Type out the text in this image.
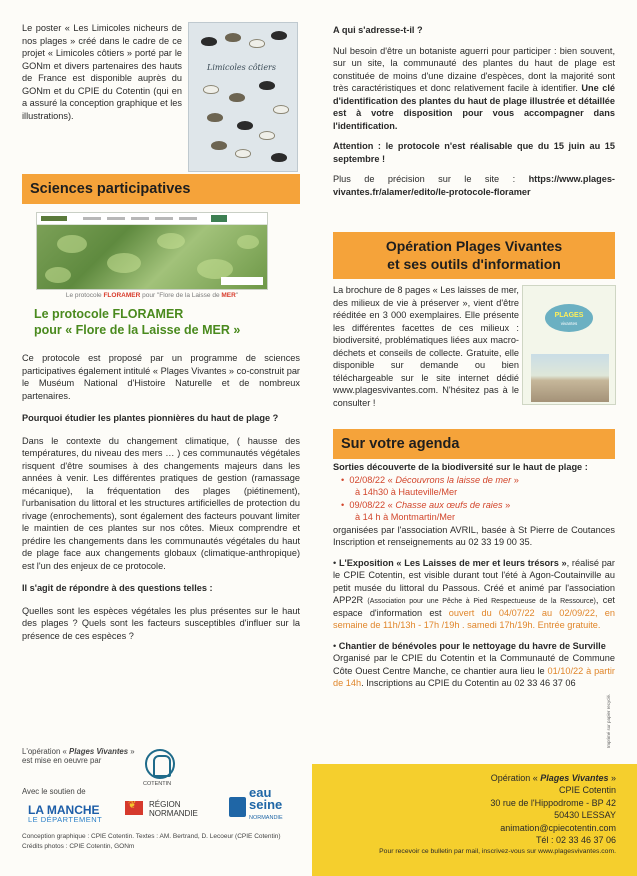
Le poster « Les Limicoles nicheurs de nos plages » créé dans le cadre de ce projet « Limicoles côtiers » porté par le GONm et divers partenaires des hauts de France est disponible auprès du GONm et du CPIE du Cotentin (qui en a assuré la conception graphique et les illustrations).

Limicoles côtiers
Sciences participatives
Le protocole FLORAMER pour "Flore de la Laisse de MER"

Le protocole FLORAMER

pour « Flore de la Laisse de MER »

Ce protocole est proposé par un programme de sciences participatives également intitulé « Plages Vivantes » co-construit par le Muséum National d'Histoire Naturelle et de nombreux partenaires.

Pourquoi étudier les plantes pionnières du haut de plage ?

Dans le contexte du changement climatique, ( hausse des températures, du niveau des mers … ) ces communautés végétales risquent d'être soumises à des changements majeurs dans les années à venir. Les différentes pratiques de gestion (ramassage mécanique), la fréquentation des plages (piétinement), l'urbanisation du littoral et les structures artificielles de protection du rivage (enrochements), sont également des facteurs pouvant limiter le maintien de ces plantes sur nos côtes. Mieux comprendre et prédire les changements dans les communautés végétales du haut de plage face aux changements globaux (climatique-anthropique) est l'un des enjeux de ce protocole.

Il s'agit de répondre à des questions telles :

Quelles sont les espèces végétales les plus présentes sur le haut des plages ? Quels sont les facteurs susceptibles d'influer sur la présence de ces espèces ?

A qui s'adresse-t-il ?

Nul besoin d'être un botaniste aguerri pour participer : bien souvent, sur un site, la communauté des plantes du haut de plage est constituée de moins d'une dizaine d'espèces, dont la majorité sont très caractéristiques et donc relativement facile à identifier. Une clé d'identification des plantes du haut de plage illustrée et détaillée est à votre disposition pour vous accompagner dans l'identification.

Attention : le protocole n'est réalisable que du 15 juin au 15 septembre !

Plus de précision sur le site : https://www.plages-vivantes.fr/alamer/edito/le-protocole-floramer

Opération Plages Vivantes
et ses outils d'information

La brochure de 8 pages « Les laisses de mer, des milieux de vie à préserver », vient d'être rééditée en 3 000 exemplaires. Elle présente les différentes facettes de ces milieux : biodiversité, problématiques liées aux macro-déchets et conseils de collecte. Gratuite, elle disponible sur demande ou bien téléchargeable sur le site internet dédié www.plagesvivantes.com. N'hésitez pas à le consulter !

PLAGES
vivantes
Sur votre agenda

Sorties découverte de la biodiversité sur le haut de plage :

•  02/08/22 « Découvrons la laisse de mer »
à 14h30 à Hauteville/Mer
•  09/08/22 « Chasse aux œufs de raies »
à 14 h à Montmartin/Mer

organisées par l'association AVRIL, basée à St Pierre de Coutances Inscription et renseignements au 02 33 19 00 35.

• L'Exposition « Les Laisses de mer et leurs trésors », réalisé par le CPIE Cotentin, est visible durant tout l'été à Agon-Coutainville au petit musée du littoral du Passous. Créé et animé par l'association APP2R (Association pour une Pêche à Pied Respectueuse de la Ressource), cet espace d'information est ouvert du 04/07/22 au 02/09/22, en semaine de 11h/13h - 17h /19h . samedi 17h/19h. Entrée gratuite.

• Chantier de bénévoles pour le nettoyage du havre de Surville
Organisé par le CPIE du Cotentin et la Communauté de Commune Côte Ouest Centre Manche, ce chantier aura lieu le 01/10/22 à partir de 14h. Inscriptions au CPIE du Cotentin au 02 33 46 37 06

Imprimé sur papier recyclé.
L'opération « Plages Vivantes » est mise en oeuvre par
COTENTIN
Avec le soutien de
LA MANCHE
LE DÉPARTEMENT
❦
RÉGION
NORMANDIE
eau
seine
NORMANDIE
Conception graphique : CPIE Cotentin. Textes : AM. Bertrand, D. Lecoeur (CPIE Cotentin)
Crédits photos : CPIE Cotentin, GONm
Opération « Plages Vivantes »
CPIE Cotentin
30 rue de l'Hippodrome - BP 42
50430 LESSAY
animation@cpiecotentin.com
Tél : 02 33 46 37 06
Pour recevoir ce bulletin par mail, inscrivez-vous sur www.plagesvivantes.com.
